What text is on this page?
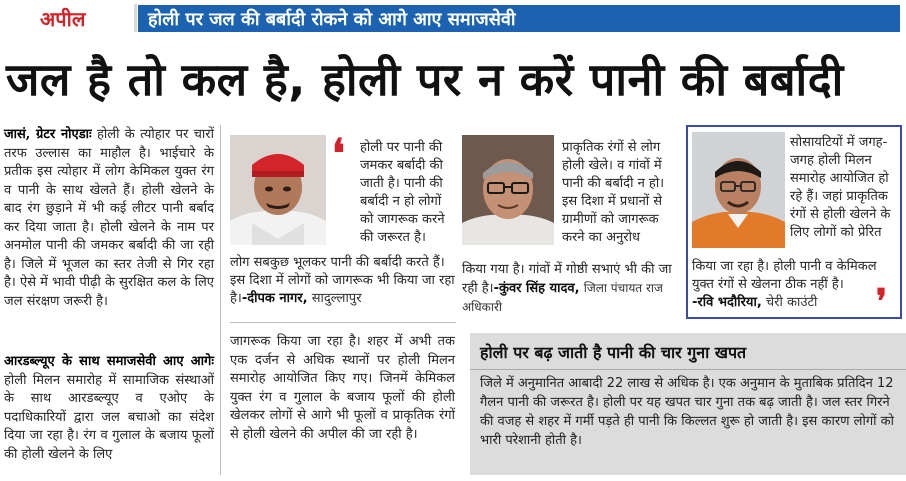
अपील	होली पर जल की बर्बादी रोकने को आगे आए समाजसेवी
जल है तो कल है, होली पर न करें पानी की बर्बादी
जासं, ग्रेटर नोएडाः होली के त्योहार पर चारों तरफ उल्लास का माहौल है। भाईचारे के प्रतीक इस त्योहार में लोग केमिकल युक्त रंग व पानी के साथ खेलते हैं। होली खेलने के बाद रंग छुड़ाने में भी कई लीटर पानी बर्बाद कर दिया जाता है। होली खेलने के नाम पर अनमोल पानी की जमकर बर्बादी की जा रही है। जिले में भूजल का स्तर तेजी से गिर रहा है। ऐसे में भावी पीढ़ी के सुरक्षित कल के लिए जल संरक्षण जरूरी है।
आरडब्ल्यूए के साथ समाजसेवी आए आगेः होली मिलन समारोह में सामाजिक संस्थाओं के साथ आरडब्ल्यूए व एओए के पदाधिकारियों द्वारा जल बचाओ का संदेश दिया जा रहा है। रंग व गुलाल के बजाय फूलों की होली खेलने के लिए
❛	होली पर पानी की जमकर बर्बादी की जाती है। पानी की बर्बादी न हो लोगों को जागरूक करने की जरूरत है।
लोग सबकुछ भूलकर पानी की बर्बादी करते हैं। इस दिशा में लोगों को जागरूक भी किया जा रहा है।-दीपक नागर, सादुल्लापुर
जागरूक किया जा रहा है। शहर में अभी तक एक दर्जन से अधिक स्थानों पर होली मिलन समारोह आयोजित किए गए। जिनमें केमिकल युक्त रंग व गुलाल के बजाय फूलों की होली खेलकर लोगों से आगे भी फूलों व प्राकृतिक रंगों से होली खेलने की अपील की जा रही है।
प्राकृतिक रंगों से लोग होली खेले। व गांवों में पानी की बर्बादी न हो। इस दिशा में प्रधानों से ग्रामीणों को जागरूक करने का अनुरोध
किया गया है। गांवों में गोष्ठी सभाएं भी की जा रही है।-कुंवर सिंह यादव, जिला पंचायत राज अधिकारी
सोसायटियों में जगह-जगह होली मिलन समारोह आयोजित हो रहे हैं। जहां प्राकृतिक रंगों से होली खेलने के लिए लोगों को प्रेरित
किया जा रहा है। होली पानी व केमिकल युक्त रंगों से खेलना ठीक नहीं है।
-रवि भदौरिया, चेरी काउंटी	❜
होली पर बढ़ जाती है पानी की चार गुना खपत
जिले में अनुमानित आबादी 22 लाख से अधिक है। एक अनुमान के मुताबिक प्रतिदिन 12 गैलन पानी की जरूरत है। होली पर यह खपत चार गुना तक बढ़ जाती है। जल स्तर गिरने की वजह से शहर में गर्मी पड़ते ही पानी कि किल्लत शुरू हो जाती है। इस कारण लोगों को भारी परेशानी होती है।
